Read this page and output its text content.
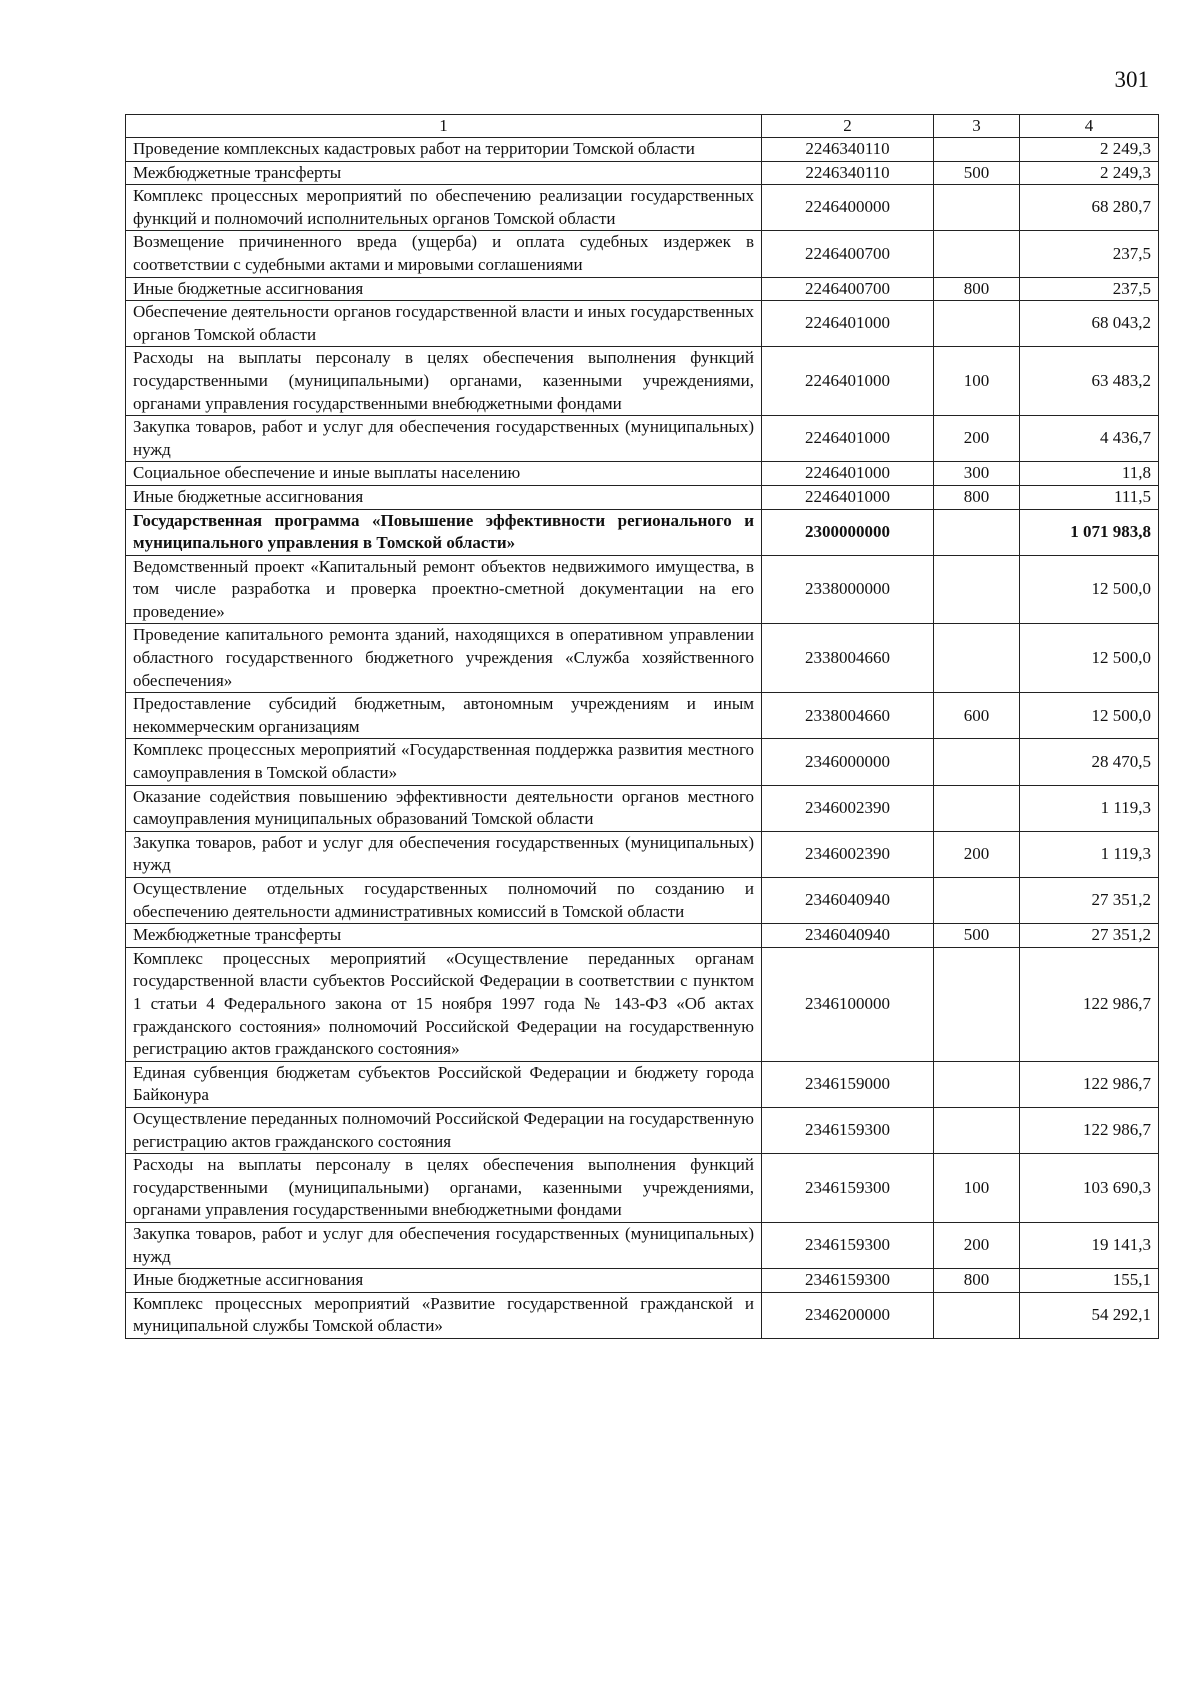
301
1	2	3	4
Проведение комплексных кадастровых работ на территории Томской области	2246340110		2 249,3
Межбюджетные трансферты	2246340110	500	2 249,3
Комплекс процессных мероприятий по обеспечению реализации государственных функций и полномочий исполнительных органов Томской области	2246400000		68 280,7
Возмещение причиненного вреда (ущерба) и оплата судебных издержек в соответствии с судебными актами и мировыми соглашениями	2246400700		237,5
Иные бюджетные ассигнования	2246400700	800	237,5
Обеспечение деятельности органов государственной власти и иных государственных органов Томской области	2246401000		68 043,2
Расходы на выплаты персоналу в целях обеспечения выполнения функций государственными (муниципальными) органами, казенными учреждениями, органами управления государственными внебюджетными фондами	2246401000	100	63 483,2
Закупка товаров, работ и услуг для обеспечения государственных (муниципальных) нужд	2246401000	200	4 436,7
Социальное обеспечение и иные выплаты населению	2246401000	300	11,8
Иные бюджетные ассигнования	2246401000	800	111,5
Государственная программа «Повышение эффективности регионального и муниципального управления в Томской области»	2300000000		1 071 983,8
Ведомственный проект «Капитальный ремонт объектов недвижимого имущества, в том числе разработка и проверка проектно-сметной документации на его проведение»	2338000000		12 500,0
Проведение капитального ремонта зданий, находящихся в оперативном управлении областного государственного бюджетного учреждения «Служба хозяйственного обеспечения»	2338004660		12 500,0
Предоставление субсидий бюджетным, автономным учреждениям и иным некоммерческим организациям	2338004660	600	12 500,0
Комплекс процессных мероприятий «Государственная поддержка развития местного самоуправления в Томской области»	2346000000		28 470,5
Оказание содействия повышению эффективности деятельности органов местного самоуправления муниципальных образований Томской области	2346002390		1 119,3
Закупка товаров, работ и услуг для обеспечения государственных (муниципальных) нужд	2346002390	200	1 119,3
Осуществление отдельных государственных полномочий по созданию и обеспечению деятельности административных комиссий в Томской области	2346040940		27 351,2
Межбюджетные трансферты	2346040940	500	27 351,2
Комплекс процессных мероприятий «Осуществление переданных органам государственной власти субъектов Российской Федерации в соответствии с пунктом 1 статьи 4 Федерального закона от 15 ноября 1997 года № 143-ФЗ «Об актах гражданского состояния» полномочий Российской Федерации на государственную регистрацию актов гражданского состояния»	2346100000		122 986,7
Единая субвенция бюджетам субъектов Российской Федерации и бюджету города Байконура	2346159000		122 986,7
Осуществление переданных полномочий Российской Федерации на государственную регистрацию актов гражданского состояния	2346159300		122 986,7
Расходы на выплаты персоналу в целях обеспечения выполнения функций государственными (муниципальными) органами, казенными учреждениями, органами управления государственными внебюджетными фондами	2346159300	100	103 690,3
Закупка товаров, работ и услуг для обеспечения государственных (муниципальных) нужд	2346159300	200	19 141,3
Иные бюджетные ассигнования	2346159300	800	155,1
Комплекс процессных мероприятий «Развитие государственной гражданской и муниципальной службы Томской области»	2346200000		54 292,1
